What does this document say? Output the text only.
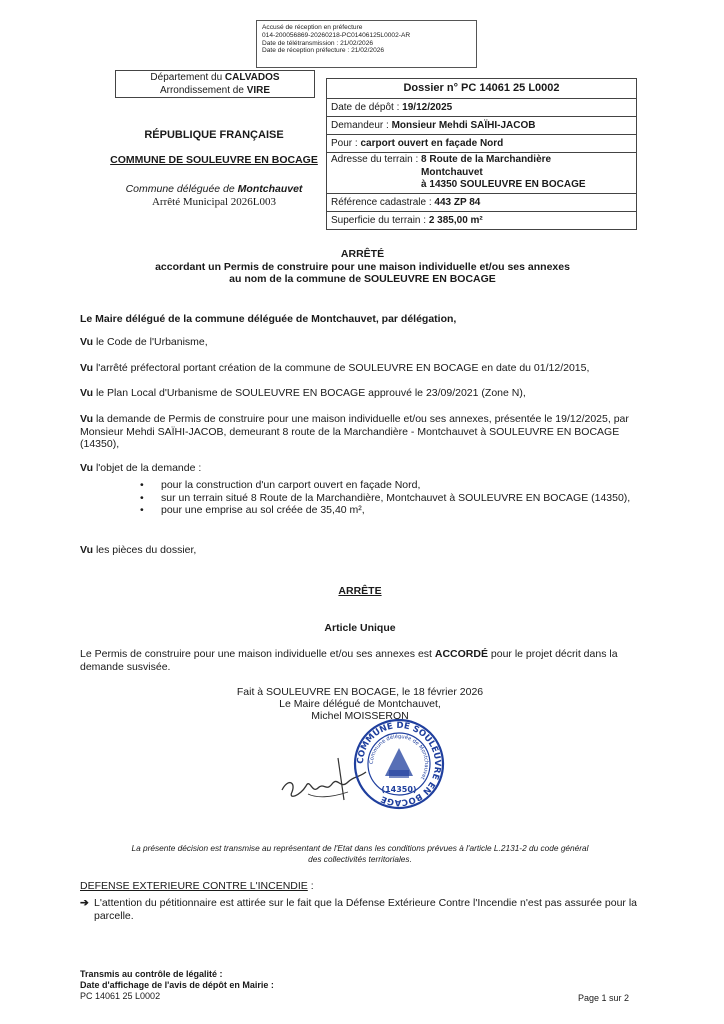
Accusé de réception en préfecture
014-200056869-20260218-PC01406125L0002-AR
Date de télétransmission : 21/02/2026
Date de réception préfecture : 21/02/2026
Département du CALVADOS
Arrondissement de VIRE
RÉPUBLIQUE FRANÇAISE
COMMUNE DE SOULEUVRE EN BOCAGE
Commune déléguée de Montchauvet
Arrêté Municipal 2026L003
Dossier n° PC 14061 25 L0002
Date de dépôt : 19/12/2025
Demandeur : Monsieur Mehdi SAÏHI-JACOB
Pour : carport ouvert en façade Nord
Adresse du terrain : 8 Route de la Marchandière
Montchauvet
à 14350 SOULEUVRE EN BOCAGE
Référence cadastrale : 443 ZP 84
Superficie du terrain : 2 385,00 m²
ARRÊTÉ
accordant un Permis de construire pour une maison individuelle et/ou ses annexes
au nom de la commune de SOULEUVRE EN BOCAGE
Le Maire délégué de la commune déléguée de Montchauvet, par délégation,
Vu le Code de l'Urbanisme,
Vu l'arrêté préfectoral portant création de la commune de SOULEUVRE EN BOCAGE en date du 01/12/2015,
Vu le Plan Local d'Urbanisme de SOULEUVRE EN BOCAGE approuvé le 23/09/2021 (Zone N),
Vu la demande de Permis de construire pour une maison individuelle et/ou ses annexes, présentée le 19/12/2025, par Monsieur Mehdi SAÏHI-JACOB, demeurant 8 route de la Marchandière - Montchauvet à SOULEUVRE EN BOCAGE (14350),
Vu l'objet de la demande :
•	pour la construction d'un carport ouvert en façade Nord,
•	sur un terrain situé 8 Route de la Marchandière, Montchauvet à SOULEUVRE EN BOCAGE (14350),
•	pour une emprise au sol créée de 35,40 m²,
Vu les pièces du dossier,
ARRÊTE
Article Unique
Le Permis de construire pour une maison individuelle et/ou ses annexes est ACCORDÉ pour le projet décrit dans la demande susvisée.
Fait à SOULEUVRE EN BOCAGE, le 18 février 2026
Le Maire délégué de Montchauvet,
Michel MOISSERON
COMMUNE DE SOULEUVRE EN BOCAGE
Commune déléguée de Montchauvet
(14350)
La présente décision est transmise au représentant de l'Etat dans les conditions prévues à l'article L.2131-2 du code général
des collectivités territoriales.
DEFENSE EXTERIEURE CONTRE L'INCENDIE :
➔ L'attention du pétitionnaire est attirée sur le fait que la Défense Extérieure Contre l'Incendie n'est pas assurée pour la parcelle.
Transmis au contrôle de légalité :
Date d'affichage de l'avis de dépôt en Mairie :
PC 14061 25 L0002	Page 1 sur 2
